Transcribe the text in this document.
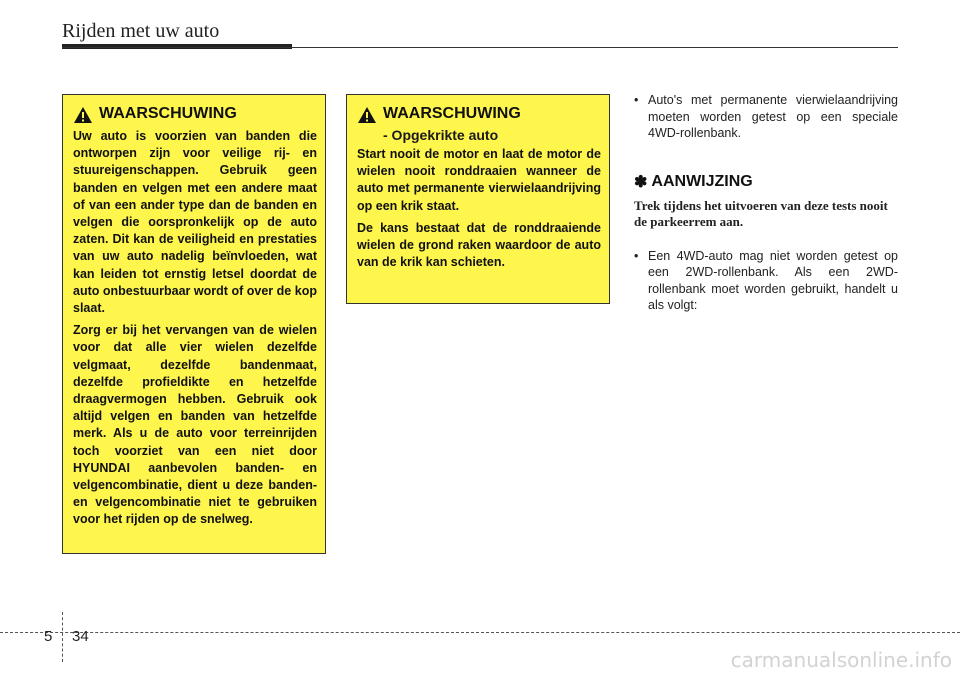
Rijden met uw auto
WAARSCHUWING

Uw auto is voorzien van banden die ontworpen zijn voor veilige rij- en stuureigenschappen. Gebruik geen banden en velgen met een andere maat of van een ander type dan de banden en velgen die oorspronkelijk op de auto zaten. Dit kan de veiligheid en prestaties van uw auto nadelig beïnvloeden, wat kan leiden tot ernstig letsel doordat de auto onbestuurbaar wordt of over de kop slaat.

Zorg er bij het vervangen van de wielen voor dat alle vier wielen dezelfde velgmaat, dezelfde bandenmaat, dezelfde profieldikte en hetzelfde draagvermogen hebben. Gebruik ook altijd velgen en banden van hetzelfde merk. Als u de auto voor terreinrijden toch voorziet van een niet door HYUNDAI aanbevolen banden- en velgencombinatie, dient u deze banden- en velgencombinatie niet te gebruiken voor het rijden op de snelweg.

WAARSCHUWING
- Opgekrikte auto

Start nooit de motor en laat de motor de wielen nooit ronddraaien wanneer de auto met permanente vierwielaandrijving op een krik staat.

De kans bestaat dat de ronddraaiende wielen de grond raken waardoor de auto van de krik kan schieten.

• Auto's met permanente vierwielaandrijving moeten worden getest op een speciale 4WD-rollenbank.

✽ AANWIJZING
Trek tijdens het uitvoeren van deze tests nooit de parkeerrem aan.

• Een 4WD-auto mag niet worden getest op een 2WD-rollenbank. Als een 2WD-rollenbank moet worden gebruikt, handelt u als volgt:

5 34
carmanualsonline.info
